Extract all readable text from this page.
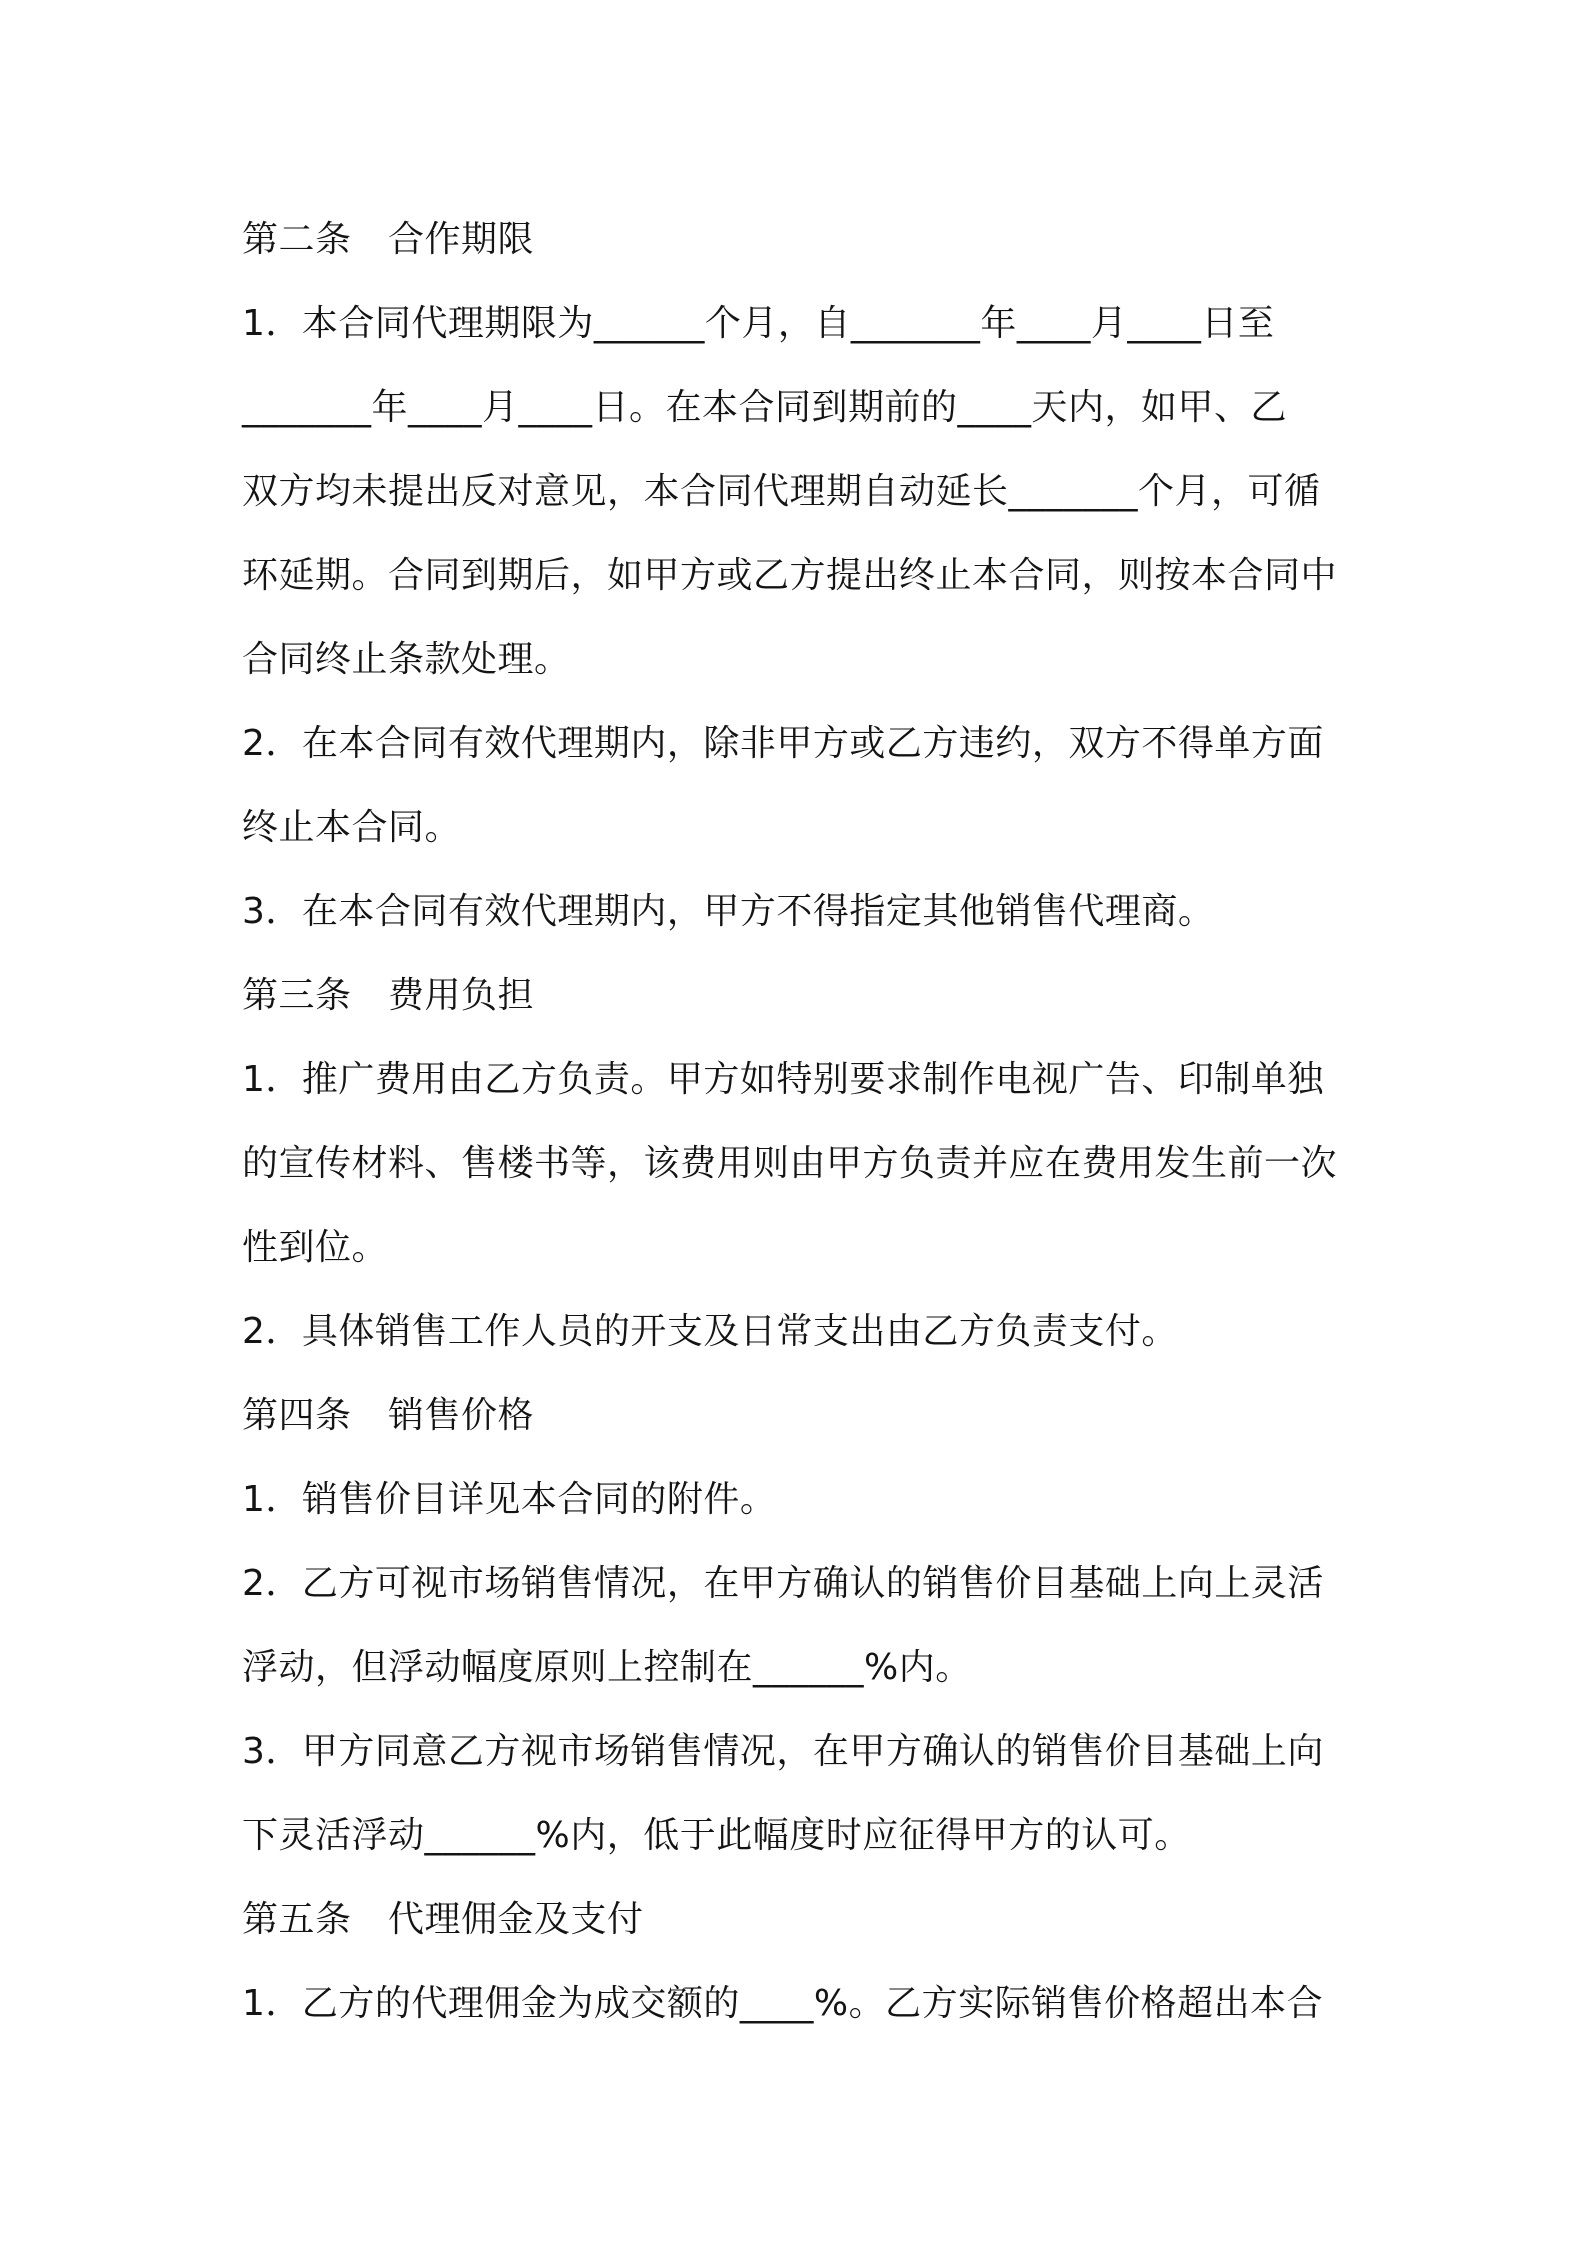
第二条　合作期限
1．本合同代理期限为______个月，自_______年____月____日至
_______年____月____日。在本合同到期前的____天内，如甲、乙
双方均未提出反对意见，本合同代理期自动延长_______个月，可循
环延期。合同到期后，如甲方或乙方提出终止本合同，则按本合同中
合同终止条款处理。
2．在本合同有效代理期内，除非甲方或乙方违约，双方不得单方面
终止本合同。
3．在本合同有效代理期内，甲方不得指定其他销售代理商。
第三条　费用负担
1．推广费用由乙方负责。甲方如特别要求制作电视广告、印制单独
的宣传材料、售楼书等，该费用则由甲方负责并应在费用发生前一次
性到位。
2．具体销售工作人员的开支及日常支出由乙方负责支付。
第四条　销售价格
1．销售价目详见本合同的附件。
2．乙方可视市场销售情况，在甲方确认的销售价目基础上向上灵活
浮动，但浮动幅度原则上控制在______%内。
3．甲方同意乙方视市场销售情况，在甲方确认的销售价目基础上向
下灵活浮动______%内，低于此幅度时应征得甲方的认可。
第五条　代理佣金及支付
1．乙方的代理佣金为成交额的____%。乙方实际销售价格超出本合
